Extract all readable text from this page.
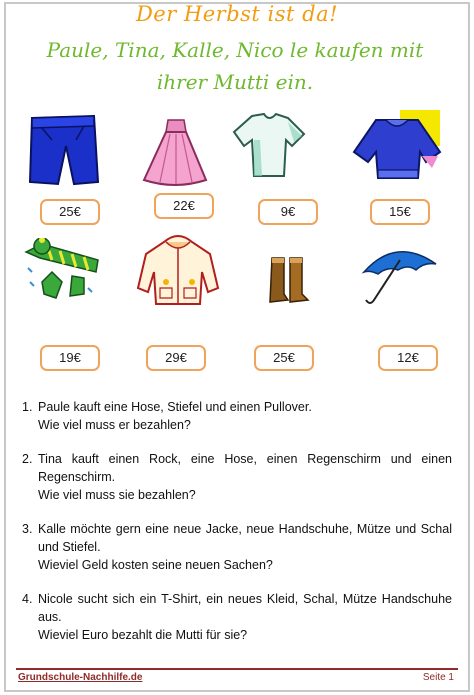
Der Herbst ist da!
Paule, Tina, Kalle, Nico le kaufen mit
ihrer Mutti ein.
25€	22€	9€	15€
19€	29€	25€	12€
1. Paule kauft eine Hose, Stiefel und einen Pullover.

Wie viel muss er bezahlen?

2. Tina kauft einen Rock, eine Hose, einen Regenschirm und einen Regenschirm.

Wie viel muss sie bezahlen?

3. Kalle möchte gern eine neue Jacke, neue Handschuhe, Mütze und Schal und Stiefel.

Wieviel Geld kosten seine neuen Sachen?

4. Nicole sucht sich ein T-Shirt, ein neues Kleid, Schal, Mütze Handschuhe aus.

Wieviel Euro bezahlt die Mutti für sie?

Grundschule-Nachhilfe.de	Seite 1
